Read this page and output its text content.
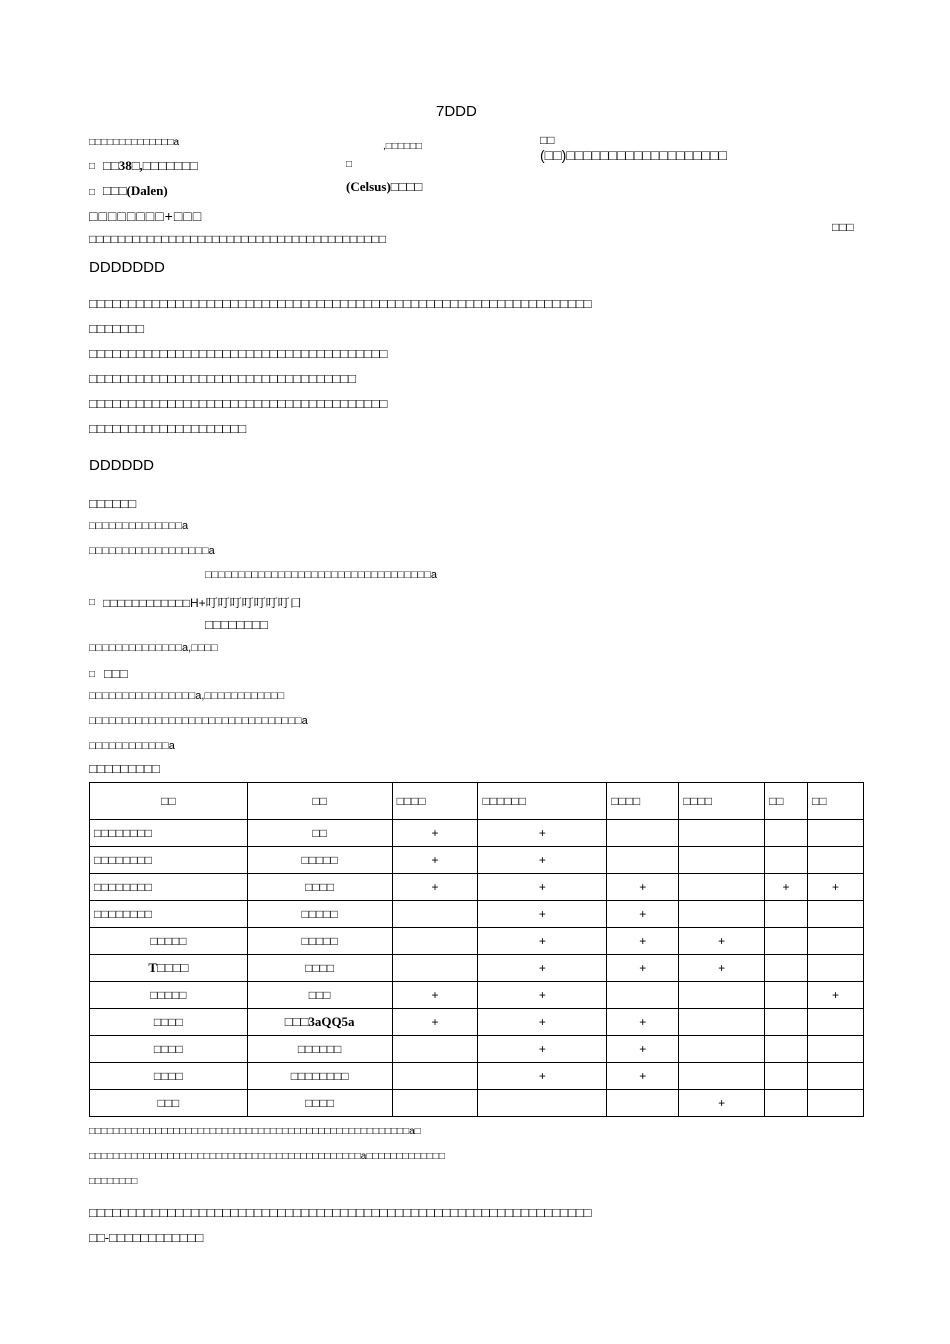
7DDD
□□□□□□□□□□□□□□a	,□□□□□□	□□
(□□)□□□□□□□□□□□□□□□□□□□
□ □□38□,□□□□□□□	□
□ □□□(Dalen)	(Celsus)□□□□
□□□□□□□□+□□□
□□□□□□□□□□□□□□□□□□□□□□□□□□□□□□□□□□□□□□□□□
□□□
DDDDDDD
□□□□□□□□□□□□□□□□□□□□□□□□□□□□□□□□□□□□□□□□□□□□□□□□□□□□□□□□□□□□□□□□
□□□□□□□
□□□□□□□□□□□□□□□□□□□□□□□□□□□□□□□□□□□□□□
□□□□□□□□□□□□□□□□□□□□□□□□□□□□□□□□□□
□□□□□□□□□□□□□□□□□□□□□□□□□□□□□□□□□□□□□□
□□□□□□□□□□□□□□□□□□□□
DDDDDD
□□□□□□
□□□□□□□□□□□□□□a
□□□□□□□□□□□□□□□□□□a
□□□□□□□□□□□□□□□□□□□□□□□□□□□□□□□□□□a
□ □□□□□□□□□□□□H+叮叮叮叮叮叮叮口
□□□□□□□□
□□□□□□□□□□□□□□a,□□□□
□ □□□
□□□□□□□□□□□□□□□□a,□□□□□□□□□□□□
□□□□□□□□□□□□□□□□□□□□□□□□□□□□□□□□a
□□□□□□□□□□□□a
□□□□□□□□□
□□	□□	□□□□	□□□□□□	□□□□	□□□□	□□	□□
□□□□□□□□	□□	+	+				
□□□□□□□□	□□□□□	+	+				
□□□□□□□□	□□□□	+	+	+		+	+
□□□□□□□□	□□□□□		+	+			
□□□□□	□□□□□		+	+	+		
T□□□□	□□□□		+	+	+		
□□□□□	□□□	+	+				+
□□□□	□□□3aQQ5a	+	+	+			
□□□□	□□□□□□		+	+			
□□□□	□□□□□□□□		+	+			
□□□	□□□□				+		
□□□□□□□□□□□□□□□□□□□□□□□□□□□□□□□□□□□□□□□□□□□□□□□□□□□□□a□
□□□□□□□□□□□□□□□□□□□□□□□□□□□□□□□□□□□□□□□□□□□□□a□□□□□□□□□□□□□
□□□□□□□□
□□□□□□□□□□□□□□□□□□□□□□□□□□□□□□□□□□□□□□□□□□□□□□□□□□□□□□□□□□□□□□□□
□□-□□□□□□□□□□□□
